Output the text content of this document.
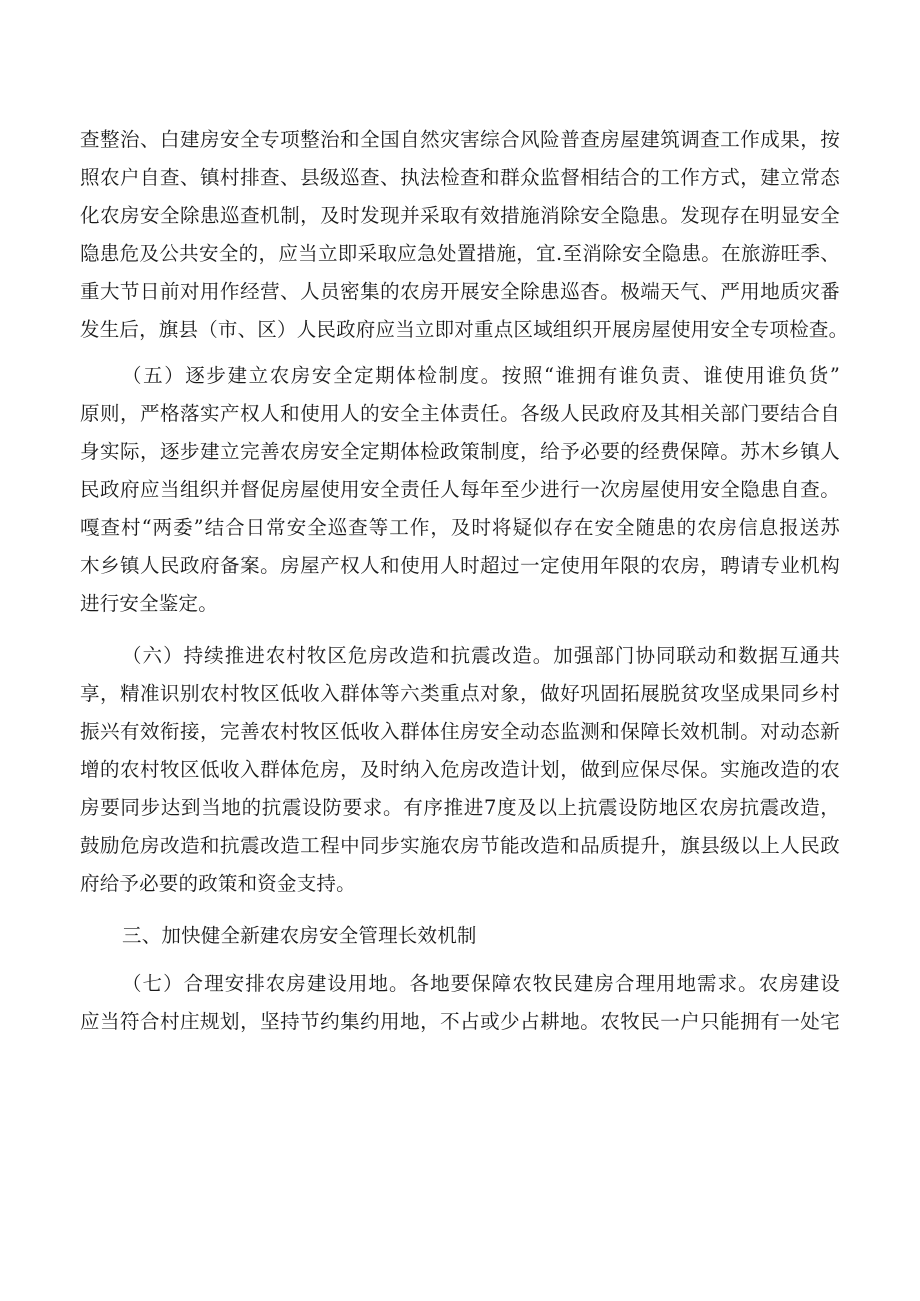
查整治、白建房安全专项整治和全国自然灾害综合风险普查房屋建筑调查工作成果，按
照农户自查、镇村排查、县级巡查、执法检查和群众监督相结合的工作方式，建立常态
化农房安全除患巡查机制，及时发现并采取有效措施消除安全隐患。发现存在明显安全
隐患危及公共安全的，应当立即采取应急处置措施，宜.至消除安全隐患。在旅游旺季、
重大节日前对用作经营、人员密集的农房开展安全除患巡杳。极端天气、严用地质灾番
发生后，旗县（市、区）人民政府应当立即对重点区域组织开展房屋使用安全专项检查。
（五）逐步建立农房安全定期体检制度。按照“谁拥有谁负责、谁使用谁负货”
原则，严格落实产权人和使用人的安全主体责任。各级人民政府及其相关部门要结合自
身实际，逐步建立完善农房安全定期体检政策制度，给予必要的经费保障。苏木乡镇人
民政府应当组织并督促房屋使用安全责任人每年至少进行一次房屋使用安全隐患自查。
嘎查村“两委”结合日常安全巡查等工作，及时将疑似存在安全随患的农房信息报送苏
木乡镇人民政府备案。房屋产权人和使用人时超过一定使用年限的农房，聘请专业机构
进行安全鉴定。
（六）持续推进农村牧区危房改造和抗震改造。加强部门协同联动和数据互通共
享，精准识别农村牧区低收入群体等六类重点对象，做好巩固拓展脱贫攻坚成果同乡村
振兴有效衔接，完善农村牧区低收入群体住房安全动态监测和保障长效机制。对动态新
增的农村牧区低收入群体危房，及时纳入危房改造计划，做到应保尽保。实施改造的农
房要同步达到当地的抗震设防要求。有序推进7度及以上抗震设防地区农房抗震改造，
鼓励危房改造和抗震改造工程中同步实施农房节能改造和品质提升，旗县级以上人民政
府给予必要的政策和资金支持。
三、加快健全新建农房安全管理长效机制
（七）合理安排农房建设用地。各地要保障农牧民建房合理用地需求。农房建设
应当符合村庄规划，坚持节约集约用地，不占或少占耕地。农牧民一户只能拥有一处宅
